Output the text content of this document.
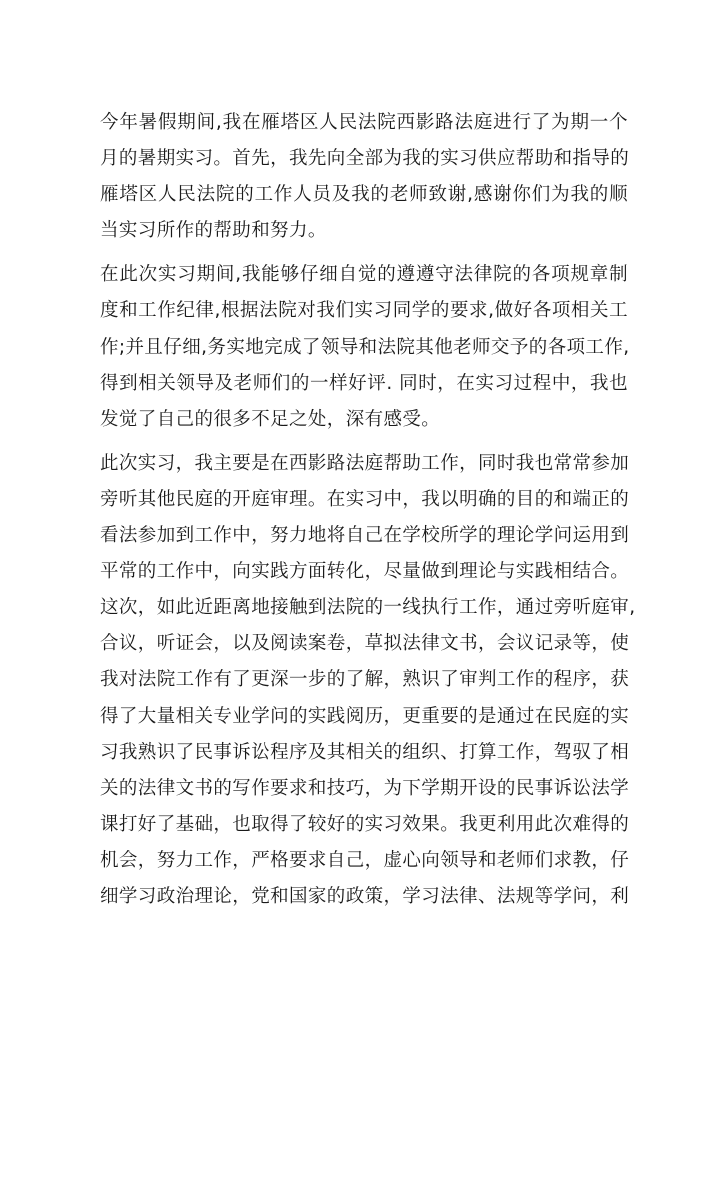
今年暑假期间,我在雁塔区人民法院西影路法庭进行了为期一个
月的暑期实习。首先，我先向全部为我的实习供应帮助和指导的
雁塔区人民法院的工作人员及我的老师致谢,感谢你们为我的顺
当实习所作的帮助和努力。
在此次实习期间,我能够仔细自觉的遵遵守法律院的各项规章制
度和工作纪律,根据法院对我们实习同学的要求,做好各项相关工
作;并且仔细,务实地完成了领导和法院其他老师交予的各项工作,
得到相关领导及老师们的一样好评. 同时，在实习过程中，我也
发觉了自己的很多不足之处，深有感受。
此次实习，我主要是在西影路法庭帮助工作，同时我也常常参加
旁听其他民庭的开庭审理。在实习中，我以明确的目的和端正的
看法参加到工作中，努力地将自己在学校所学的理论学问运用到
平常的工作中，向实践方面转化，尽量做到理论与实践相结合。
这次，如此近距离地接触到法院的一线执行工作，通过旁听庭审,
合议，听证会，以及阅读案卷，草拟法律文书，会议记录等，使
我对法院工作有了更深一步的了解，熟识了审判工作的程序，获
得了大量相关专业学问的实践阅历，更重要的是通过在民庭的实
习我熟识了民事诉讼程序及其相关的组织、打算工作，驾驭了相
关的法律文书的写作要求和技巧，为下学期开设的民事诉讼法学
课打好了基础，也取得了较好的实习效果。我更利用此次难得的
机会，努力工作，严格要求自己，虚心向领导和老师们求教，仔
细学习政治理论，党和国家的政策，学习法律、法规等学问，利
